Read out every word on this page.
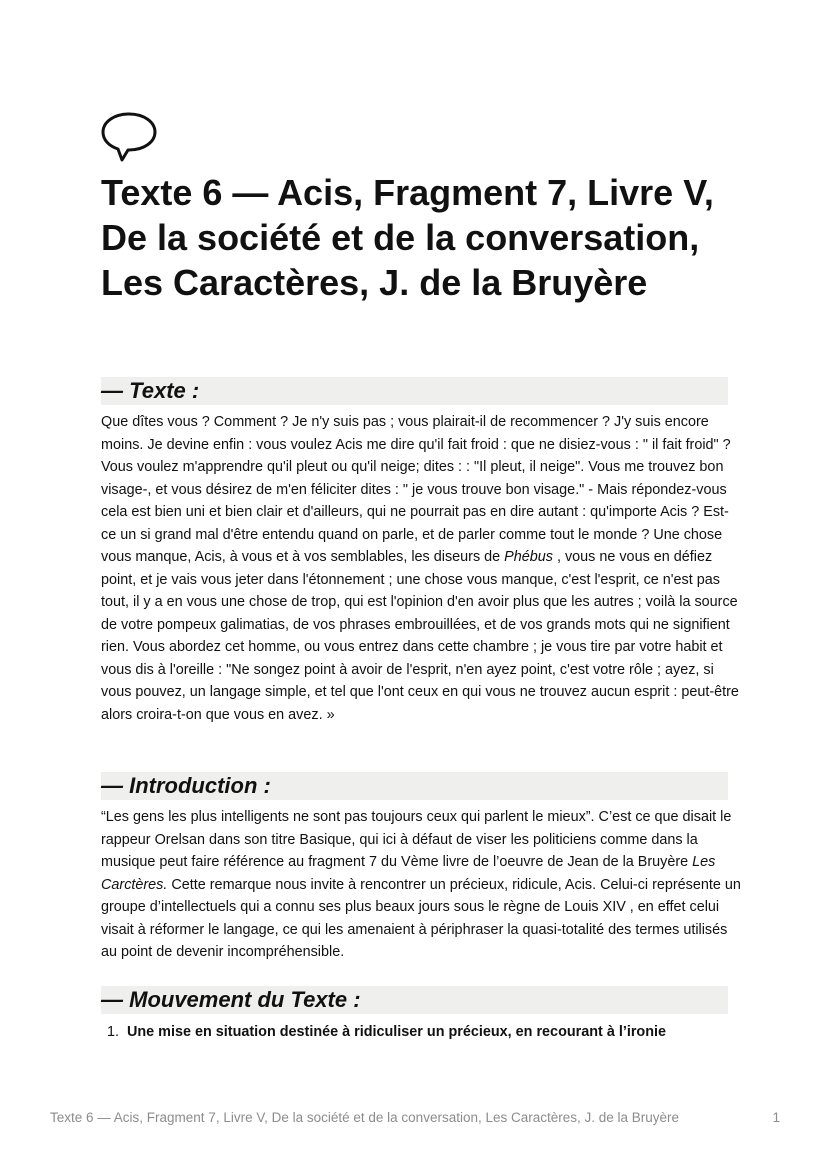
Texte 6 — Acis, Fragment 7, Livre V, De la société et de la conversation, Les Caractères, J. de la Bruyère
— Texte :

Que dîtes vous ? Comment ? Je n'y suis pas ; vous plairait-il de recommencer ? J'y suis encore moins. Je devine enfin : vous voulez Acis me dire qu'il fait froid : que ne disiez-vous : " il fait froid" ? Vous voulez m'apprendre qu'il pleut ou qu'il neige; dites : : "Il pleut, il neige". Vous me trouvez bon visage-, et vous désirez de m'en féliciter dites : " je vous trouve bon visage." - Mais répondez-vous cela est bien uni et bien clair et d'ailleurs, qui ne pourrait pas en dire autant : qu'importe Acis ? Est-ce un si grand mal d'être entendu quand on parle, et de parler comme tout le monde ? Une chose vous manque, Acis, à vous et à vos semblables, les diseurs de Phébus , vous ne vous en défiez point, et je vais vous jeter dans l'étonnement ; une chose vous manque, c'est l'esprit, ce n'est pas tout, il y a en vous une chose de trop, qui est l'opinion d'en avoir plus que les autres ; voilà la source de votre pompeux galimatias, de vos phrases embrouillées, et de vos grands mots qui ne signifient rien. Vous abordez cet homme, ou vous entrez dans cette chambre ; je vous tire par votre habit et vous dis à l'oreille : "Ne songez point à avoir de l'esprit, n'en ayez point, c'est votre rôle ; ayez, si vous pouvez, un langage simple, et tel que l'ont ceux en qui vous ne trouvez aucun esprit : peut-être alors croira-t-on que vous en avez. »

— Introduction :

“Les gens les plus intelligents ne sont pas toujours ceux qui parlent le mieux”. C’est ce que disait le rappeur Orelsan dans son titre Basique, qui ici à défaut de viser les politiciens comme dans la musique peut faire référence au fragment 7 du Vème livre de l’oeuvre de Jean de la Bruyère Les Carctères. Cette remarque nous invite à rencontrer un précieux, ridicule, Acis. Celui-ci représente un groupe d’intellectuels qui a connu ses plus beaux jours sous le règne de Louis XIV , en effet celui visait à réformer le langage, ce qui les amenaient à périphraser la quasi-totalité des termes utilisés au point de devenir incompréhensible.

— Mouvement du Texte :
1. Une mise en situation destinée à ridiculiser un précieux, en recourant à l’ironie
Texte 6 — Acis, Fragment 7, Livre V, De la société et de la conversation, Les Caractères, J. de la Bruyère	1
